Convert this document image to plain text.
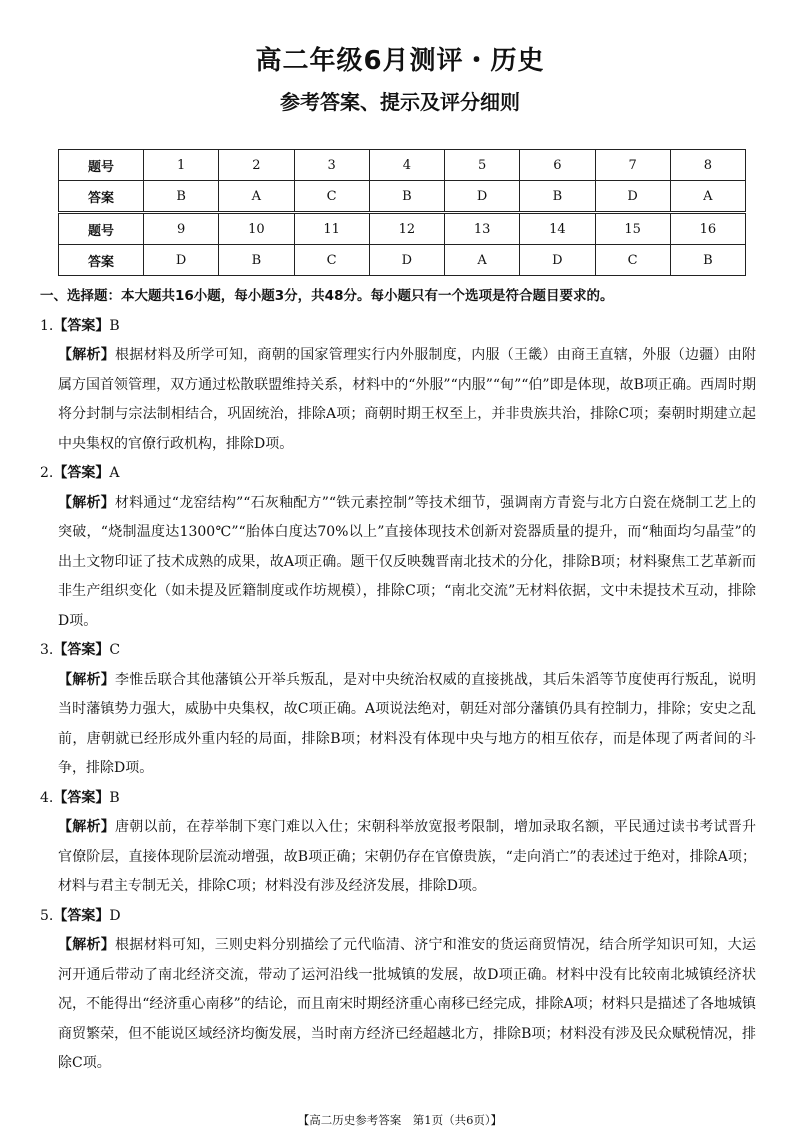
高二年级6月测评・历史
参考答案、提示及评分细则
题号	1	2	3	4	5	6	7	8
答案	B	A	C	B	D	B	D	A
题号	9	10	11	12	13	14	15	16
答案	D	B	C	D	A	D	C	B
一、选择题：本大题共16小题，每小题3分，共48分。每小题只有一个选项是符合题目要求的。
1.【答案】B
【解析】根据材料及所学可知，商朝的国家管理实行内外服制度，内服（王畿）由商王直辖，外服（边疆）由附属方国首领管理，双方通过松散联盟维持关系，材料中的“外服”“内服”“甸”“伯”即是体现，故B项正确。西周时期将分封制与宗法制相结合，巩固统治，排除A项；商朝时期王权至上，并非贵族共治，排除C项；秦朝时期建立起中央集权的官僚行政机构，排除D项。
2.【答案】A
【解析】材料通过“龙窑结构”“石灰釉配方”“铁元素控制”等技术细节，强调南方青瓷与北方白瓷在烧制工艺上的突破，“烧制温度达1300℃”“胎体白度达70%以上”直接体现技术创新对瓷器质量的提升，而“釉面均匀晶莹”的出土文物印证了技术成熟的成果，故A项正确。题干仅反映魏晋南北技术的分化，排除B项；材料聚焦工艺革新而非生产组织变化（如未提及匠籍制度或作坊规模），排除C项；“南北交流”无材料依据，文中未提技术互动，排除D项。
3.【答案】C
【解析】李惟岳联合其他藩镇公开举兵叛乱，是对中央统治权威的直接挑战，其后朱滔等节度使再行叛乱，说明当时藩镇势力强大，威胁中央集权，故C项正确。A项说法绝对，朝廷对部分藩镇仍具有控制力，排除；安史之乱前，唐朝就已经形成外重内轻的局面，排除B项；材料没有体现中央与地方的相互依存，而是体现了两者间的斗争，排除D项。
4.【答案】B
【解析】唐朝以前，在荐举制下寒门难以入仕；宋朝科举放宽报考限制，增加录取名额，平民通过读书考试晋升官僚阶层，直接体现阶层流动增强，故B项正确；宋朝仍存在官僚贵族，“走向消亡”的表述过于绝对，排除A项；材料与君主专制无关，排除C项；材料没有涉及经济发展，排除D项。
5.【答案】D
【解析】根据材料可知，三则史料分别描绘了元代临清、济宁和淮安的货运商贸情况，结合所学知识可知，大运河开通后带动了南北经济交流，带动了运河沿线一批城镇的发展，故D项正确。材料中没有比较南北城镇经济状况，不能得出“经济重心南移”的结论，而且南宋时期经济重心南移已经完成，排除A项；材料只是描述了各地城镇商贸繁荣，但不能说区域经济均衡发展，当时南方经济已经超越北方，排除B项；材料没有涉及民众赋税情况，排除C项。
【高二历史参考答案　第1页（共6页）】
